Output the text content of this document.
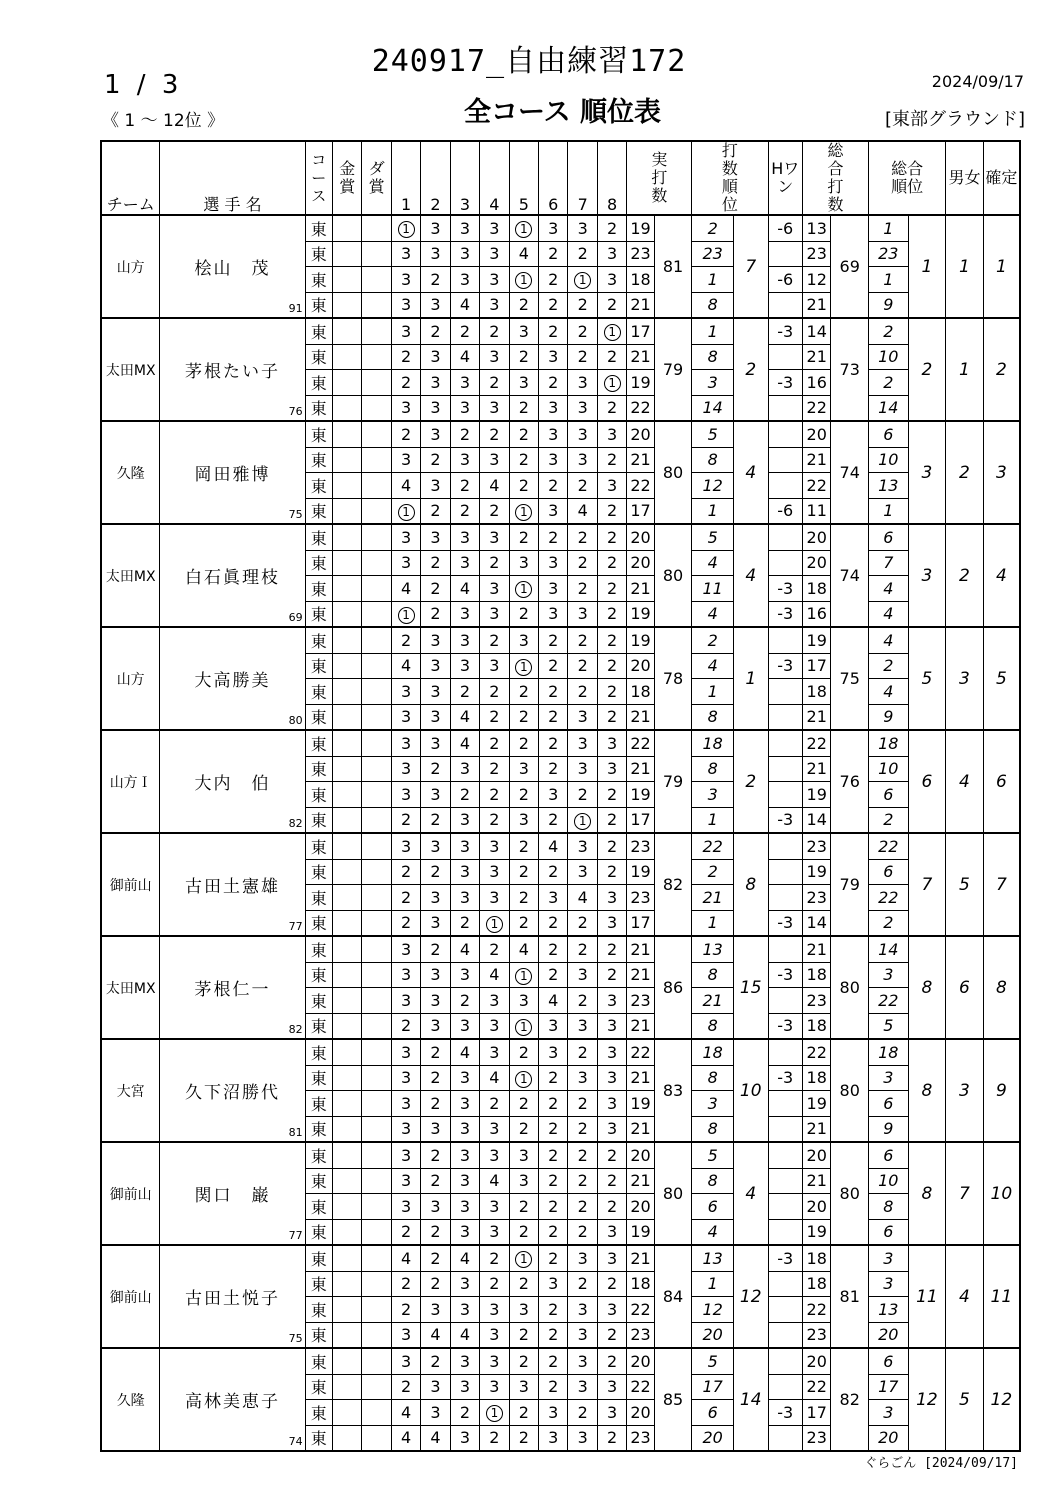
240917_自由練習172
1 / 3
《 1 ～ 12位 》	全コース 順位表
2024/09/17
[東部グラウンド]
チーム	選 手 名	コース	金賞	ダ賞	1	2	3	4	5	6	7	8	実打数		打数順位		Hワン	総合打数		総合順位		男女	確定
山方	桧山　茂
91	東			1	3	3	3	1	3	3	2	19	81	2	7	-6	13	69	1	1	1	1
		東			3	3	3	3	4	2	2	3	23		23			23		23			
		東			3	2	3	3	1	2	1	3	18		1		-6	12		1			
		東			3	3	4	3	2	2	2	2	21		8			21		9			
太田MX	茅根たい子
76	東			3	2	2	2	3	2	2	1	17	79	1	2	-3	14	73	2	2	1	2
		東			2	3	4	3	2	3	2	2	21		8			21		10			
		東			2	3	3	2	3	2	3	1	19		3		-3	16		2			
		東			3	3	3	3	2	3	3	2	22		14			22		14			
久隆	岡田雅博
75	東			2	3	2	2	2	3	3	3	20	80	5	4		20	74	6	3	2	3
		東			3	2	3	3	2	3	3	2	21		8			21		10			
		東			4	3	2	4	2	2	2	3	22		12			22		13			
		東			1	2	2	2	1	3	4	2	17		1		-6	11		1			
太田MX	白石眞理枝
69	東			3	3	3	3	2	2	2	2	20	80	5	4		20	74	6	3	2	4
		東			3	2	3	2	3	3	2	2	20		4			20		7			
		東			4	2	4	3	1	3	2	2	21		11		-3	18		4			
		東			1	2	3	3	2	3	3	2	19		4		-3	16		4			
山方	大高勝美
80	東			2	3	3	2	3	2	2	2	19	78	2	1		19	75	4	5	3	5
		東			4	3	3	3	1	2	2	2	20		4		-3	17		2			
		東			3	3	2	2	2	2	2	2	18		1			18		4			
		東			3	3	4	2	2	2	3	2	21		8			21		9			
山方Ｉ	大内　伯
82	東			3	3	4	2	2	2	3	3	22	79	18	2		22	76	18	6	4	6
		東			3	2	3	2	3	2	3	3	21		8			21		10			
		東			3	3	2	2	2	3	2	2	19		3			19		6			
		東			2	2	3	2	3	2	1	2	17		1		-3	14		2			
御前山	古田土憲雄
77	東			3	3	3	3	2	4	3	2	23	82	22	8		23	79	22	7	5	7
		東			2	2	3	3	2	2	3	2	19		2			19		6			
		東			2	3	3	3	2	3	4	3	23		21			23		22			
		東			2	3	2	1	2	2	2	3	17		1		-3	14		2			
太田MX	茅根仁一
82	東			3	2	4	2	4	2	2	2	21	86	13	15		21	80	14	8	6	8
		東			3	3	3	4	1	2	3	2	21		8		-3	18		3			
		東			3	3	2	3	3	4	2	3	23		21			23		22			
		東			2	3	3	3	1	3	3	3	21		8		-3	18		5			
大宮	久下沼勝代
81	東			3	2	4	3	2	3	2	3	22	83	18	10		22	80	18	8	3	9
		東			3	2	3	4	1	2	3	3	21		8		-3	18		3			
		東			3	2	3	2	2	2	2	3	19		3			19		6			
		東			3	3	3	3	2	2	2	3	21		8			21		9			
御前山	関口　巌
77	東			3	2	3	3	3	2	2	2	20	80	5	4		20	80	6	8	7	10
		東			3	2	3	4	3	2	2	2	21		8			21		10			
		東			3	3	3	3	2	2	2	2	20		6			20		8			
		東			2	2	3	3	2	2	2	3	19		4			19		6			
御前山	古田土悦子
75	東			4	2	4	2	1	2	3	3	21	84	13	12	-3	18	81	3	11	4	11
		東			2	2	3	2	2	3	2	2	18		1			18		3			
		東			2	3	3	3	3	2	3	3	22		12			22		13			
		東			3	4	4	3	2	2	3	2	23		20			23		20			
久隆	高林美恵子
74	東			3	2	3	3	2	2	3	2	20	85	5	14		20	82	6	12	5	12
		東			2	3	3	3	3	2	3	3	22		17			22		17			
		東			4	3	2	1	2	3	2	3	20		6		-3	17		3			
		東			4	4	3	2	2	3	3	2	23		20			23		20			
ぐらごん [2024/09/17]
